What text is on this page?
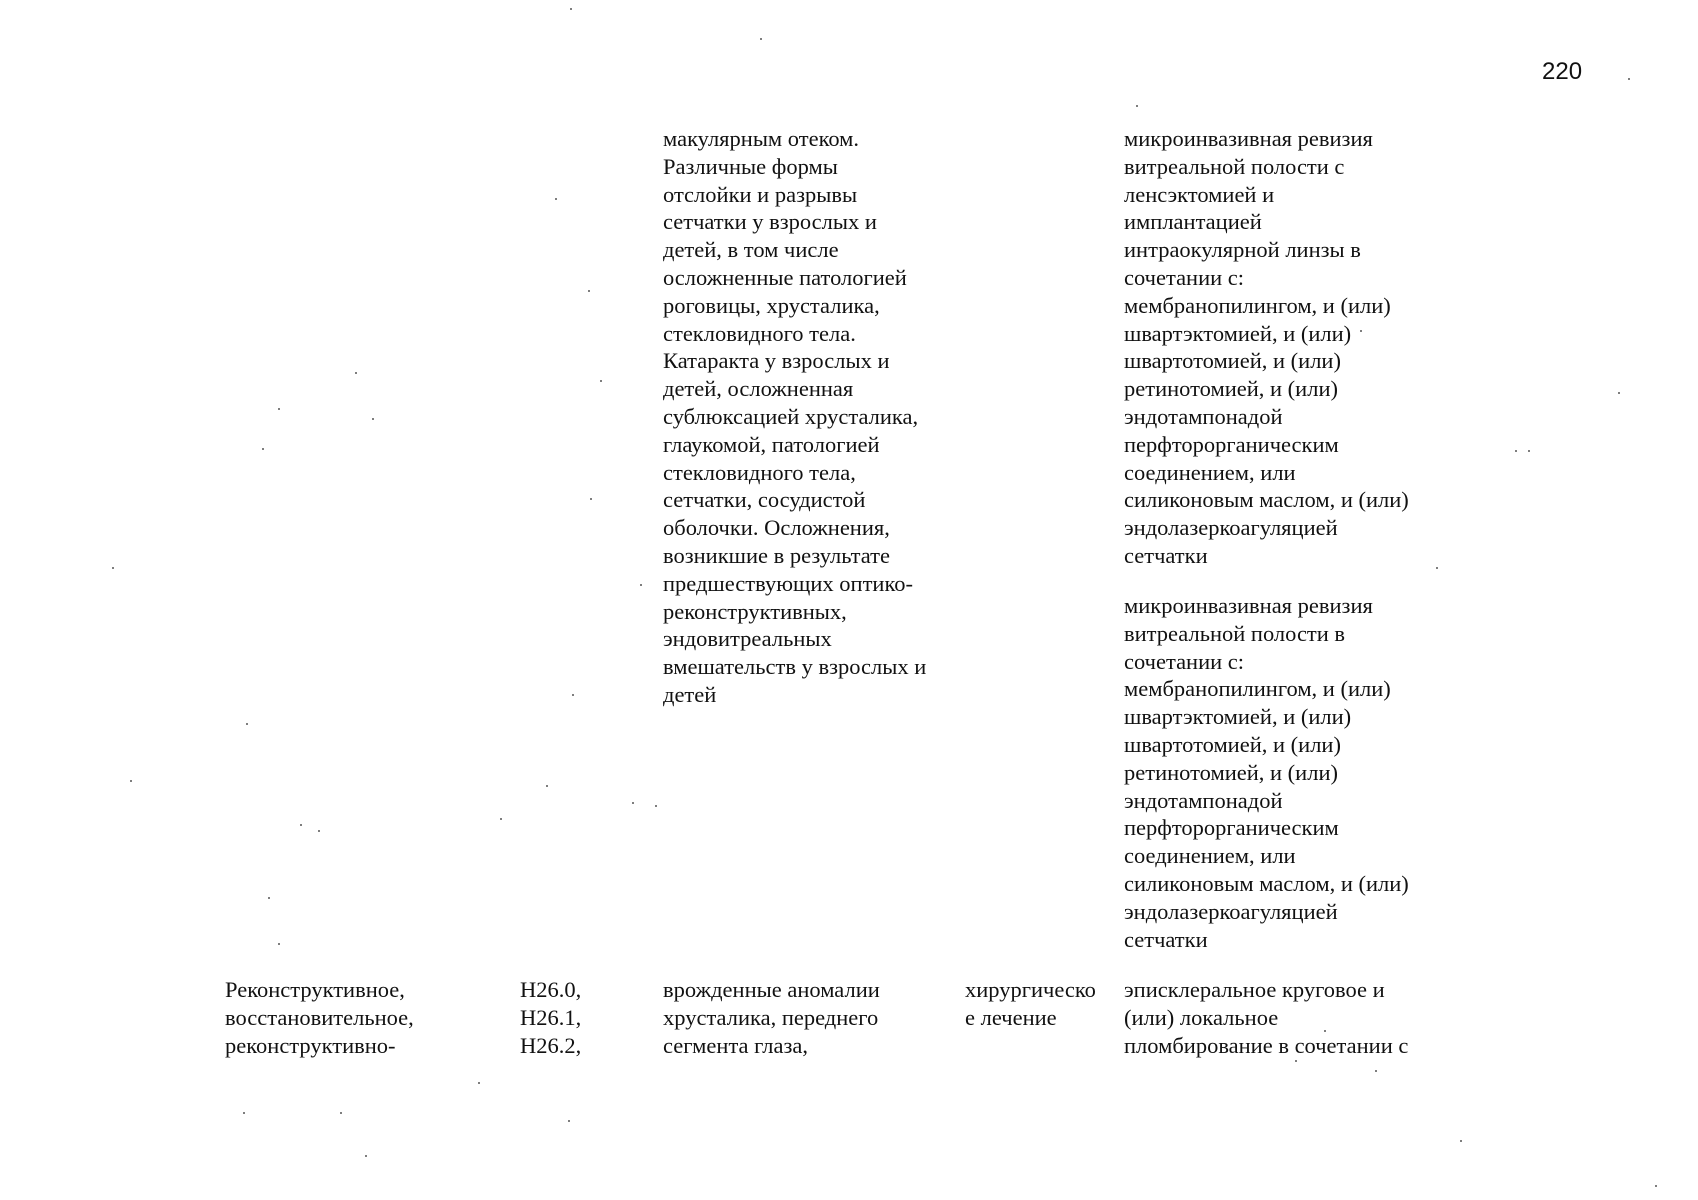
220
макулярным отеком.
Различные формы
отслойки и разрывы
сетчатки у взрослых и
детей, в том числе
осложненные патологией
роговицы, хрусталика,
стекловидного тела.
Катаракта у взрослых и
детей, осложненная
сублюксацией хрусталика,
глаукомой, патологией
стекловидного тела,
сетчатки, сосудистой
оболочки. Осложнения,
возникшие в результате
предшествующих оптико-
реконструктивных,
эндовитреальных
вмешательств у взрослых и
детей
микроинвазивная ревизия
витреальной полости с
ленсэктомией и
имплантацией
интраокулярной линзы в
сочетании с:
мембранопилингом, и (или)
швартэктомией, и (или)
швартотомией, и (или)
ретинотомией, и (или)
эндотампонадой
перфторорганическим
соединением, или
силиконовым маслом, и (или)
эндолазеркоагуляцией
сетчатки
микроинвазивная ревизия
витреальной полости в
сочетании с:
мембранопилингом, и (или)
швартэктомией, и (или)
швартотомией, и (или)
ретинотомией, и (или)
эндотампонадой
перфторорганическим
соединением, или
силиконовым маслом, и (или)
эндолазеркоагуляцией
сетчатки
Реконструктивное,
восстановительное,
реконструктивно-
H26.0,
H26.1,
H26.2,
врожденные аномалии
хрусталика, переднего
сегмента глаза,
хирургическо
е лечение
эписклеральное круговое и
(или) локальное
пломбирование в сочетании с
